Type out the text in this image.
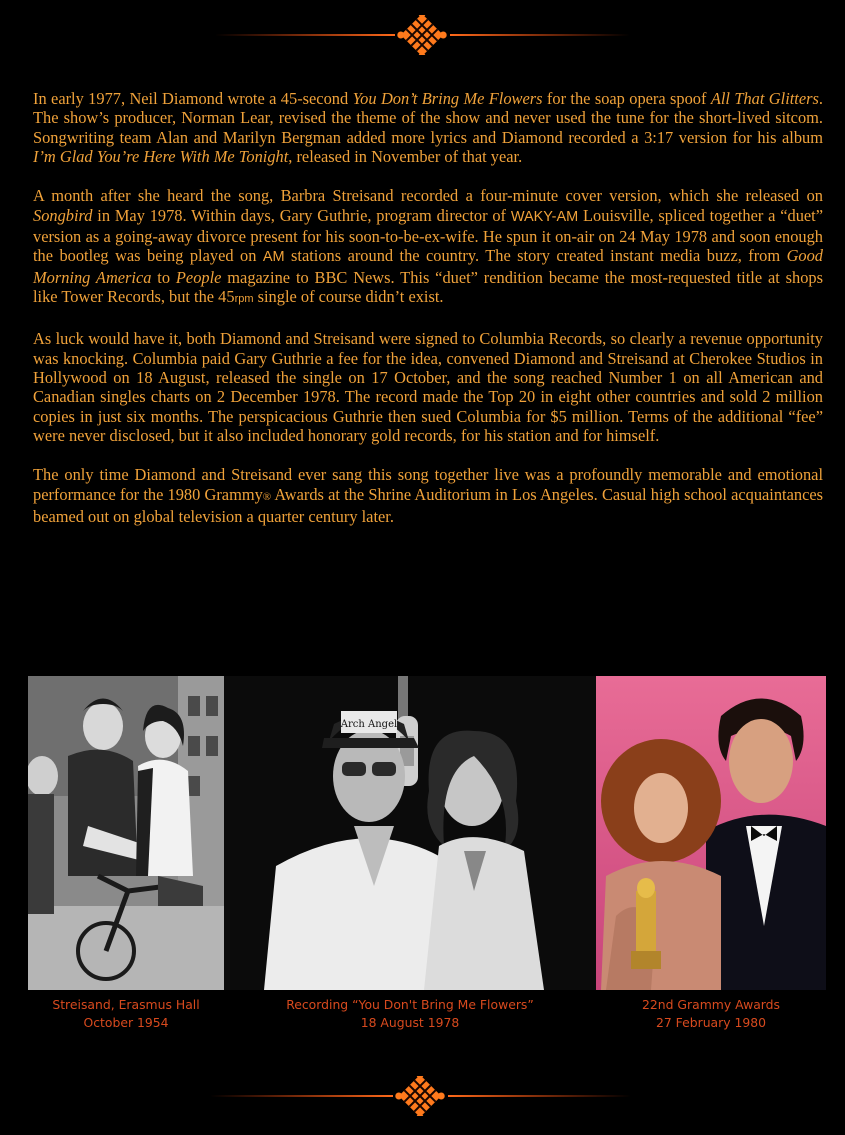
In early 1977, Neil Diamond wrote a 45-second You Don’t Bring Me Flowers for the soap opera spoof All That Glitters. The show’s producer, Norman Lear, revised the theme of the show and never used the tune for the short-lived sitcom. Songwriting team Alan and Marilyn Bergman added more lyrics and Diamond recorded a 3:17 version for his album I’m Glad You’re Here With Me Tonight, released in November of that year.

A month after she heard the song, Barbra Streisand recorded a four-minute cover version, which she released on Songbird in May 1978. Within days, Gary Guthrie, program director of WAKY-AM Louisville, spliced together a “duet” version as a going-away divorce present for his soon-to-be-ex-wife. He spun it on-air on 24 May 1978 and soon enough the bootleg was being played on AM stations around the country. The story created instant media buzz, from Good Morning America to People magazine to BBC News. This “duet” rendition became the most-requested title at shops like Tower Records, but the 45rpm single of course didn’t exist.

As luck would have it, both Diamond and Streisand were signed to Columbia Records, so clearly a revenue opportunity was knocking. Columbia paid Gary Guthrie a fee for the idea, convened Diamond and Streisand at Cherokee Studios in Hollywood on 18 August, released the single on 17 October, and the song reached Number 1 on all American and Canadian singles charts on 2 December 1978. The record made the Top 20 in eight other countries and sold 2 million copies in just six months. The perspicacious Guthrie then sued Columbia for $5 million. Terms of the additional “fee” were never disclosed, but it also included honorary gold records, for his station and for himself.

The only time Diamond and Streisand ever sang this song together live was a profoundly memorable and emotional performance for the 1980 Grammy® Awards at the Shrine Auditorium in Los Angeles. Casual high school acquaintances beamed out on global television a quarter century later.

Arch Angel
Streisand, Erasmus Hall
October 1954
Recording “You Don't Bring Me Flowers”
18 August 1978
22nd Grammy Awards
27 February 1980
